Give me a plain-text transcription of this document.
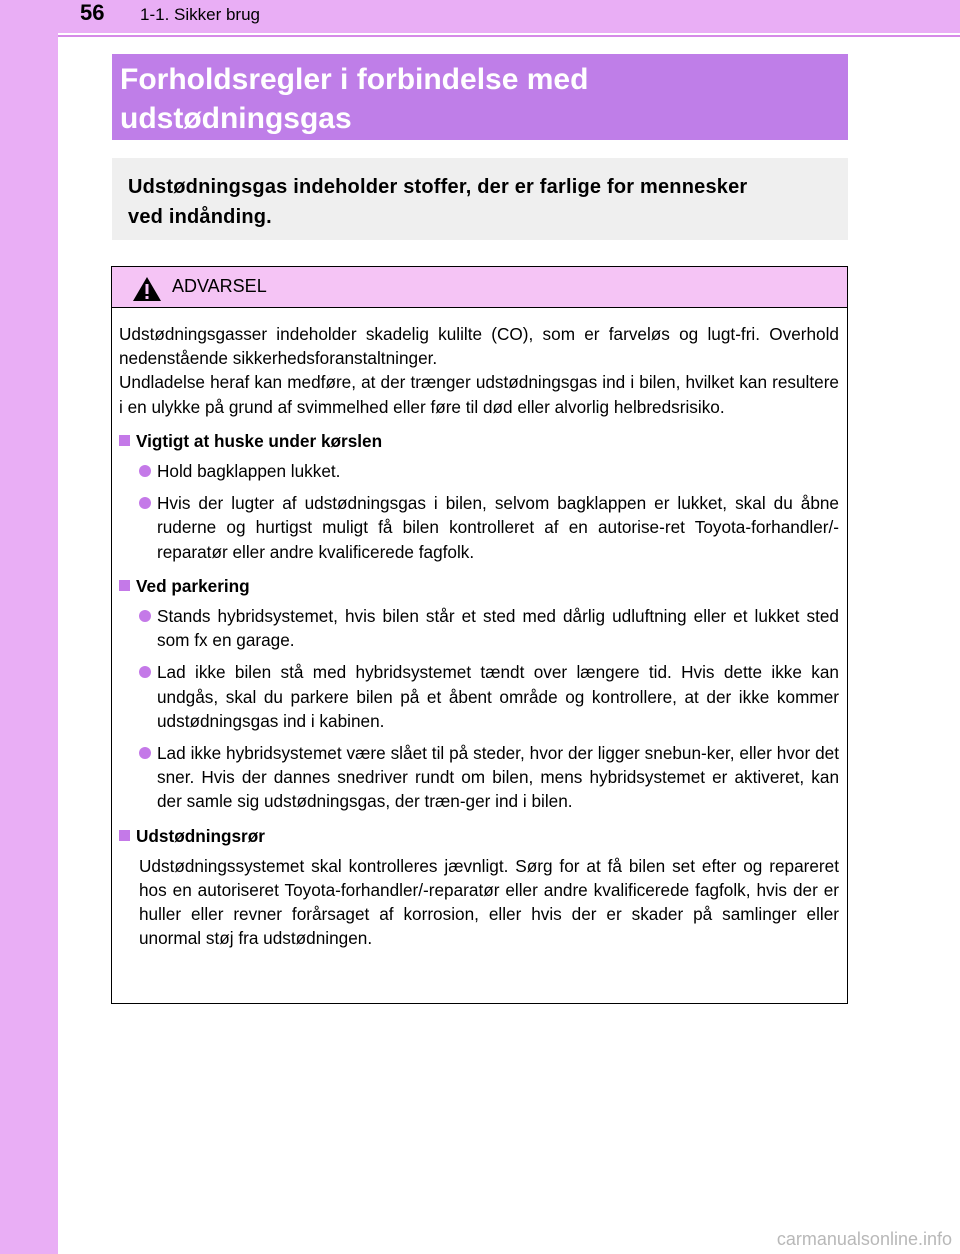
56 1-1. Sikker brug
Forholdsregler i forbindelse med
udstødningsgas
Udstødningsgas indeholder stoffer, der er farlige for mennesker
ved indånding.
ADVARSEL

Udstødningsgasser indeholder skadelig kulilte (CO), som er farveløs og lugt-fri. Overhold nedenstående sikkerhedsforanstaltninger.

Undladelse heraf kan medføre, at der trænger udstødningsgas ind i bilen, hvilket kan resultere i en ulykke på grund af svimmelhed eller føre til død eller alvorlig helbredsrisiko.

Vigtigt at huske under kørslen
Hold bagklappen lukket.
Hvis der lugter af udstødningsgas i bilen, selvom bagklappen er lukket, skal du åbne ruderne og hurtigst muligt få bilen kontrolleret af en autorise-ret Toyota-forhandler/-reparatør eller andre kvalificerede fagfolk.
Ved parkering
Stands hybridsystemet, hvis bilen står et sted med dårlig udluftning eller et lukket sted som fx en garage.
Lad ikke bilen stå med hybridsystemet tændt over længere tid. Hvis dette ikke kan undgås, skal du parkere bilen på et åbent område og kontrollere, at der ikke kommer udstødningsgas ind i kabinen.
Lad ikke hybridsystemet være slået til på steder, hvor der ligger snebun-ker, eller hvor det sner. Hvis der dannes snedriver rundt om bilen, mens hybridsystemet er aktiveret, kan der samle sig udstødningsgas, der træn-ger ind i bilen.
Udstødningsrør

Udstødningssystemet skal kontrolleres jævnligt. Sørg for at få bilen set efter og repareret hos en autoriseret Toyota-forhandler/-reparatør eller andre kvalificerede fagfolk, hvis der er huller eller revner forårsaget af korrosion, eller hvis der er skader på samlinger eller unormal støj fra udstødningen.

carmanualsonline.info
